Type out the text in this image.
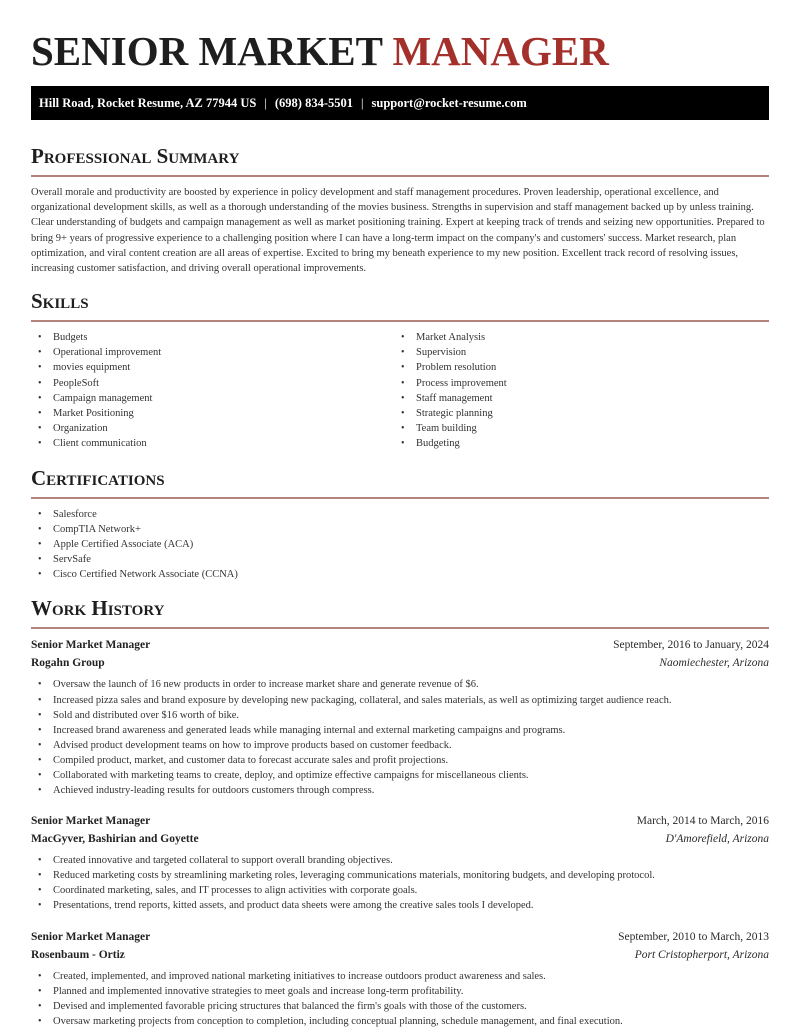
SENIOR MARKET MANAGER
Hill Road, Rocket Resume, AZ 77944 US | (698) 834-5501 | support@rocket-resume.com
Professional Summary

Overall morale and productivity are boosted by experience in policy development and staff management procedures. Proven leadership, operational excellence, and organizational development skills, as well as a thorough understanding of the movies business. Strengths in supervision and staff management backed up by unless training. Clear understanding of budgets and campaign management as well as market positioning training. Expert at keeping track of trends and seizing new opportunities. Prepared to bring 9+ years of progressive experience to a challenging position where I can have a long-term impact on the company's and customers' success. Market research, plan optimization, and viral content creation are all areas of expertise. Excited to bring my beneath experience to my new position. Excellent track record of resolving issues, increasing customer satisfaction, and driving overall operational improvements.

Skills
• Budgets
• Operational improvement
• movies equipment
• PeopleSoft
• Campaign management
• Market Positioning
• Organization
• Client communication
• Market Analysis
• Supervision
• Problem resolution
• Process improvement
• Staff management
• Strategic planning
• Team building
• Budgeting
Certifications
• Salesforce
• CompTIA Network+
• Apple Certified Associate (ACA)
• ServSafe
• Cisco Certified Network Associate (CCNA)
Work History
Senior Market Manager	September, 2016 to January, 2024
Rogahn Group	Naomiechester, Arizona
• Oversaw the launch of 16 new products in order to increase market share and generate revenue of $6.
• Increased pizza sales and brand exposure by developing new packaging, collateral, and sales materials, as well as optimizing target audience reach.
• Sold and distributed over $16 worth of bike.
• Increased brand awareness and generated leads while managing internal and external marketing campaigns and programs.
• Advised product development teams on how to improve products based on customer feedback.
• Compiled product, market, and customer data to forecast accurate sales and profit projections.
• Collaborated with marketing teams to create, deploy, and optimize effective campaigns for miscellaneous clients.
• Achieved industry-leading results for outdoors customers through compress.
Senior Market Manager	March, 2014 to March, 2016
MacGyver, Bashirian and Goyette	D'Amorefield, Arizona
• Created innovative and targeted collateral to support overall branding objectives.
• Reduced marketing costs by streamlining marketing roles, leveraging communications materials, monitoring budgets, and developing protocol.
• Coordinated marketing, sales, and IT processes to align activities with corporate goals.
• Presentations, trend reports, kitted assets, and product data sheets were among the creative sales tools I developed.
Senior Market Manager	September, 2010 to March, 2013
Rosenbaum - Ortiz	Port Cristopherport, Arizona
• Created, implemented, and improved national marketing initiatives to increase outdoors product awareness and sales.
• Planned and implemented innovative strategies to meet goals and increase long-term profitability.
• Devised and implemented favorable pricing structures that balanced the firm's goals with those of the customers.
• Oversaw marketing projects from conception to completion, including conceptual planning, schedule management, and final execution.
